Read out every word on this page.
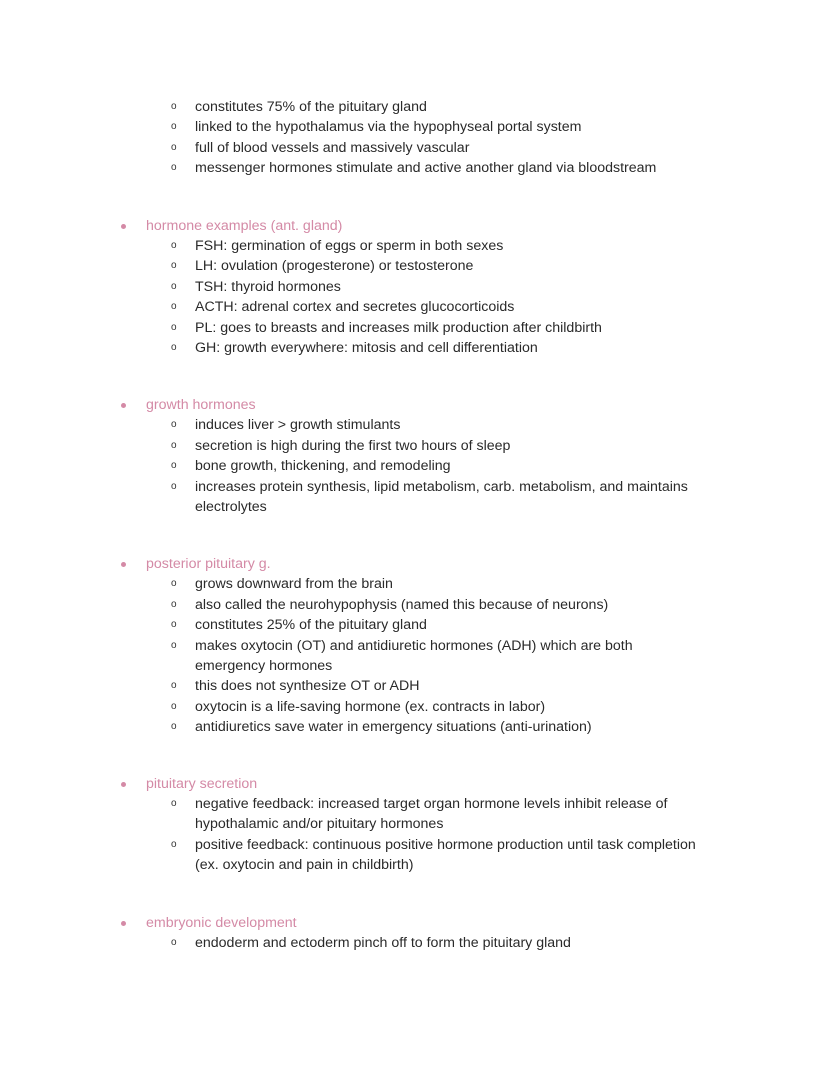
o constitutes 75% of the pituitary gland
o linked to the hypothalamus via the hypophyseal portal system
o full of blood vessels and massively vascular
o messenger hormones stimulate and active another gland via bloodstream
hormone examples (ant. gland)
o FSH: germination of eggs or sperm in both sexes
o LH: ovulation (progesterone) or testosterone
o TSH: thyroid hormones
o ACTH: adrenal cortex and secretes glucocorticoids
o PL: goes to breasts and increases milk production after childbirth
o GH: growth everywhere: mitosis and cell differentiation
growth hormones
o induces liver > growth stimulants
o secretion is high during the first two hours of sleep
o bone growth, thickening, and remodeling
o increases protein synthesis, lipid metabolism, carb. metabolism, and maintains
electrolytes
posterior pituitary g.
o grows downward from the brain
o also called the neurohypophysis (named this because of neurons)
o constitutes 25% of the pituitary gland
o makes oxytocin (OT) and antidiuretic hormones (ADH) which are both
emergency hormones
o this does not synthesize OT or ADH
o oxytocin is a life-saving hormone (ex. contracts in labor)
o antidiuretics save water in emergency situations (anti-urination)
pituitary secretion
o negative feedback: increased target organ hormone levels inhibit release of
hypothalamic and/or pituitary hormones
o positive feedback: continuous positive hormone production until task completion
(ex. oxytocin and pain in childbirth)
embryonic development
o endoderm and ectoderm pinch off to form the pituitary gland
